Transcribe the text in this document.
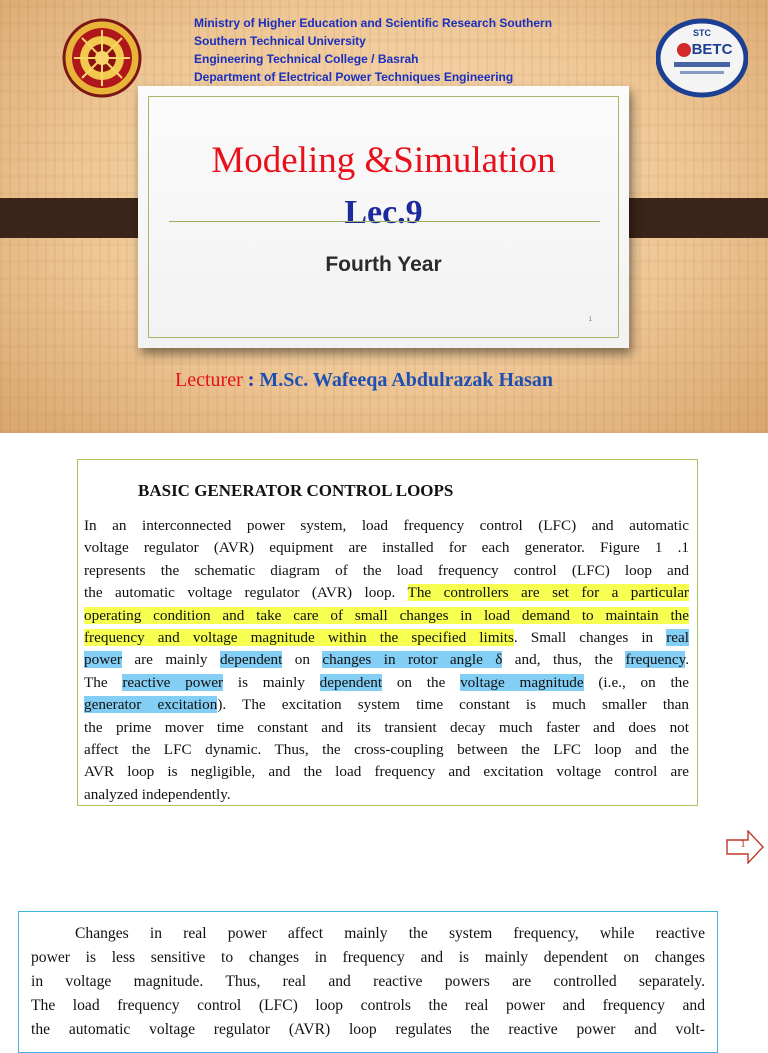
Ministry of Higher Education and Scientific Research Southern
Southern Technical University
Engineering Technical College / Basrah
Department of Electrical Power Techniques Engineering
STC
BETC
Modeling &Simulation
Lec.9
Fourth Year
1
Lecturer : M.Sc. Wafeeqa Abdulrazak Hasan
BASIC GENERATOR CONTROL LOOPS
In an interconnected power system, load frequency control (LFC) and automatic
voltage regulator (AVR) equipment are installed for each generator. Figure 1 .1
represents the schematic diagram of the load frequency control (LFC) loop and
the automatic voltage regulator (AVR) loop. The controllers are set for a particular
operating condition and take care of small changes in load demand to maintain the
frequency and voltage magnitude within the specified limits. Small changes in real
power are mainly dependent on changes in rotor angle δ and, thus, the frequency.
The reactive power is mainly dependent on the voltage magnitude (i.e., on the
generator excitation). The excitation system time constant is much smaller than
the prime mover time constant and its transient decay much faster and does not
affect the LFC dynamic. Thus, the cross-coupling between the LFC loop and the
AVR loop is negligible, and the load frequency and excitation voltage control are
analyzed independently.
1
Changes in real power affect mainly the system frequency, while reactive
power is less sensitive to changes in frequency and is mainly dependent on changes
in voltage magnitude. Thus, real and reactive powers are controlled separately.
The load frequency control (LFC) loop controls the real power and frequency and
the automatic voltage regulator (AVR) loop regulates the reactive power and volt-
